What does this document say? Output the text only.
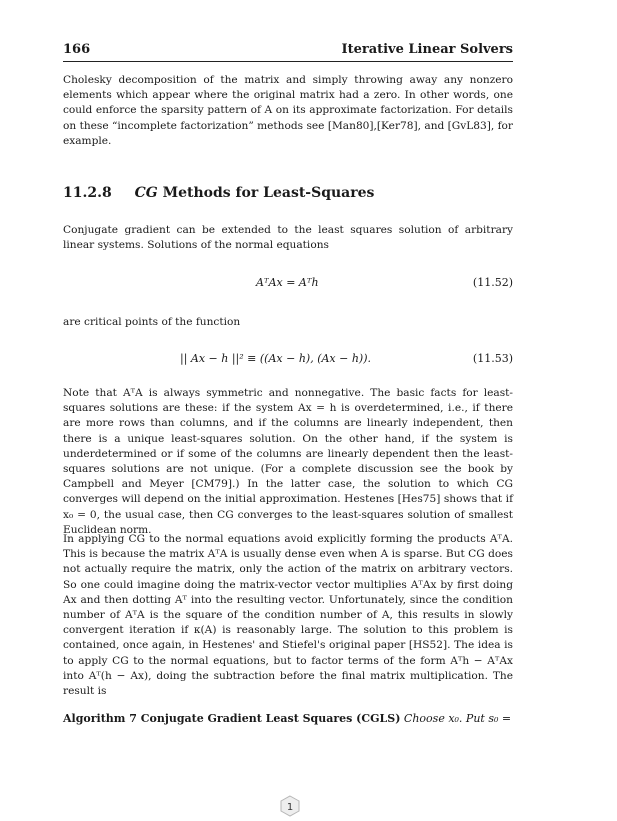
166	Iterative Linear Solvers
Cholesky decomposition of the matrix and simply throwing away any nonzero elements which appear where the original matrix had a zero. In other words, one could enforce the sparsity pattern of A on its approximate factorization. For details on these “incomplete factorization” methods see [Man80],[Ker78], and [GvL83], for example.
11.2.8 CG Methods for Least-Squares
Conjugate gradient can be extended to the least squares solution of arbitrary linear systems. Solutions of the normal equations
AᵀAx = Aᵀh	(11.52)
are critical points of the function
|| Ax − h ||² ≡ ((Ax − h), (Ax − h)).	(11.53)
Note that AᵀA is always symmetric and nonnegative. The basic facts for least-squares solutions are these: if the system Ax = h is overdetermined, i.e., if there are more rows than columns, and if the columns are linearly independent, then there is a unique least-squares solution. On the other hand, if the system is underdetermined or if some of the columns are linearly dependent then the least-squares solutions are not unique. (For a complete discussion see the book by Campbell and Meyer [CM79].) In the latter case, the solution to which CG converges will depend on the initial approximation. Hestenes [Hes75] shows that if x₀ = 0, the usual case, then CG converges to the least-squares solution of smallest Euclidean norm.
In applying CG to the normal equations avoid explicitly forming the products AᵀA. This is because the matrix AᵀA is usually dense even when A is sparse. But CG does not actually require the matrix, only the action of the matrix on arbitrary vectors. So one could imagine doing the matrix-vector vector multiplies AᵀAx by first doing Ax and then dotting Aᵀ into the resulting vector. Unfortunately, since the condition number of AᵀA is the square of the condition number of A, this results in slowly convergent iteration if κ(A) is reasonably large. The solution to this problem is contained, once again, in Hestenes' and Stiefel's original paper [HS52]. The idea is to apply CG to the normal equations, but to factor terms of the form Aᵀh − AᵀAx into Aᵀ(h − Ax), doing the subtraction before the final matrix multiplication. The result is
Algorithm 7 Conjugate Gradient Least Squares (CGLS) Choose x₀. Put s₀ =
1
